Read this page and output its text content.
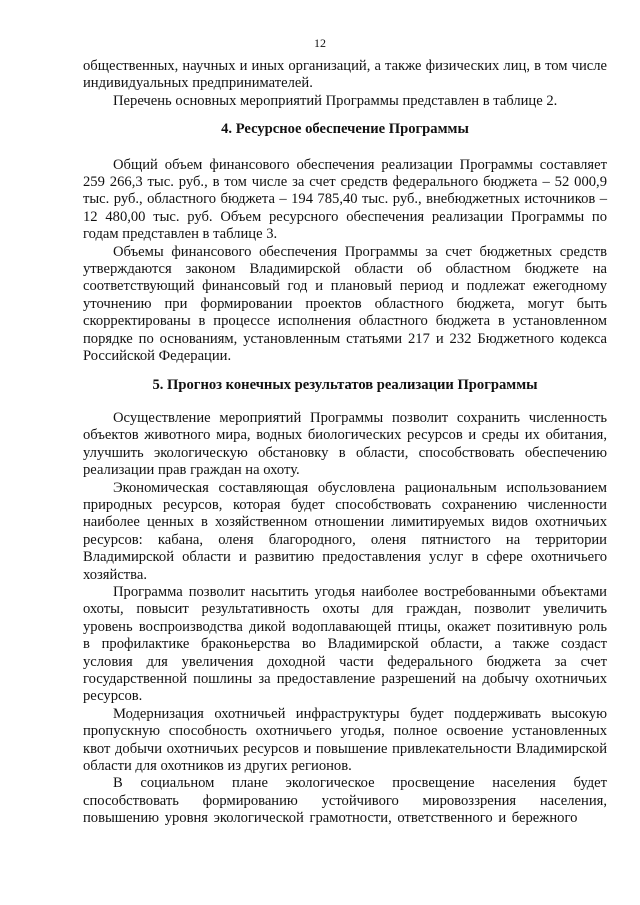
12

общественных, научных и иных организаций, а также физических лиц, в том числе индивидуальных предпринимателей.

Перечень основных мероприятий Программы представлен в таблице 2.

4. Ресурсное обеспечение Программы

Общий объем финансового обеспечения реализации Программы составляет 259 266,3 тыс. руб., в том числе за счет средств федерального бюджета – 52 000,9 тыс. руб., областного бюджета – 194 785,40 тыс. руб., внебюджетных источников – 12 480,00 тыс. руб. Объем ресурсного обеспечения реализации Программы по годам представлен в таблице 3.

Объемы финансового обеспечения Программы за счет бюджетных средств утверждаются законом Владимирской области об областном бюджете на соответствующий финансовый год и плановый период и подлежат ежегодному уточнению при формировании проектов областного бюджета, могут быть скорректированы в процессе исполнения областного бюджета в установленном порядке по основаниям, установленным статьями 217 и 232 Бюджетного кодекса Российской Федерации.

5. Прогноз конечных результатов реализации Программы

Осуществление мероприятий Программы позволит сохранить численность объектов животного мира, водных биологических ресурсов и среды их обитания, улучшить экологическую обстановку в области, способствовать обеспечению реализации прав граждан на охоту.

Экономическая составляющая обусловлена рациональным использованием природных ресурсов, которая будет способствовать сохранению численности наиболее ценных в хозяйственном отношении лимитируемых видов охотничьих ресурсов: кабана, оленя благородного, оленя пятнистого на территории Владимирской области и развитию предоставления услуг в сфере охотничьего хозяйства.

Программа позволит насытить угодья наиболее востребованными объектами охоты, повысит результативность охоты для граждан, позволит увеличить уровень воспроизводства дикой водоплавающей птицы, окажет позитивную роль в профилактике браконьерства во Владимирской области, а также создаст условия для увеличения доходной части федерального бюджета за счет государственной пошлины за предоставление разрешений на добычу охотничьих ресурсов.

Модернизация охотничьей инфраструктуры будет поддерживать высокую пропускную способность охотничьего угодья, полное освоение установленных квот добычи охотничьих ресурсов и повышение привлекательности Владимирской области для охотников из других регионов.

В социальном плане экологическое просвещение населения будет способствовать формированию устойчивого мировоззрения населения, повышению уровня экологической грамотности, ответственного и бережного
